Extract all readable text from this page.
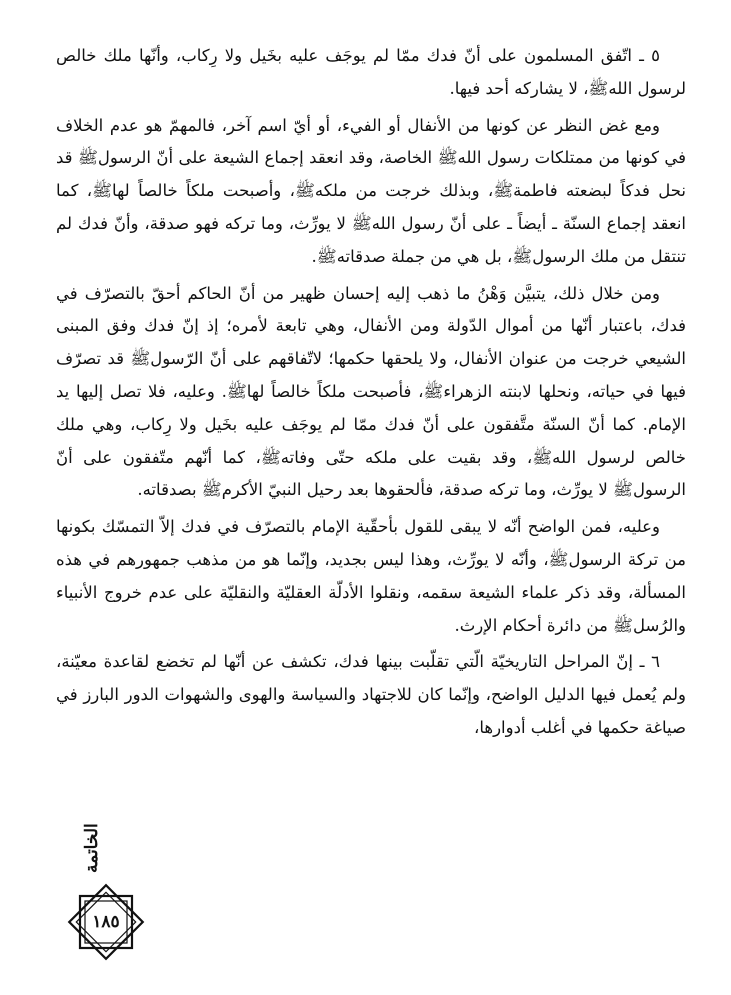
٥ ـ اتّفق المسلمون على أنّ فدك ممّا لم يوجَف عليه بخَيل ولا رِكاب، وأنّها ملك خالص لرسول اللهﷺ، لا يشاركه أحد فيها.

ومع غض النظر عن كونها من الأنفال أو الفيء، أو أيّ اسم آخر، فالمهمّ هو عدم الخلاف في كونها من ممتلكات رسول اللهﷺ الخاصة، وقد انعقد إجماع الشيعة على أنّ الرسولﷺ قد نحل فدكاً لبضعته فاطمةﷺ، وبذلك خرجت من ملكهﷺ، وأصبحت ملكاً خالصاً لهاﷺ، كما انعقد إجماع السنّة ـ أيضاً ـ على أنّ رسول اللهﷺ لا يورِّث، وما تركه فهو صدقة، وأنّ فدك لم تنتقل من ملك الرسولﷺ، بل هي من جملة صدقاتهﷺ.

ومن خلال ذلك، يتبيَّن وَهْنُ ما ذهب إليه إحسان ظهير من أنّ الحاكم أحقّ بالتصرّف في فدك، باعتبار أنّها من أموال الدّولة ومن الأنفال، وهي تابعة لأمره؛ إذ إنّ فدك وفق المبنى الشيعي خرجت من عنوان الأنفال، ولا يلحقها حكمها؛ لاتّفاقهم على أنّ الرّسولﷺ قد تصرّف فيها في حياته، ونحلها لابنته الزهراءﷺ، فأصبحت ملكاً خالصاً لهاﷺ. وعليه، فلا تصل إليها يد الإمام. كما أنّ السنّة متَّفقون على أنّ فدك ممّا لم يوجَف عليه بخَيل ولا رِكاب، وهي ملك خالص لرسول اللهﷺ، وقد بقيت على ملكه حتّى وفاتهﷺ، كما أنّهم متّفقون على أنّ الرسولﷺ لا يورِّث، وما تركه صدقة، فألحقوها بعد رحيل النبيّ الأكرمﷺ بصدقاته.

وعليه، فمن الواضح أنّه لا يبقى للقول بأحقّية الإمام بالتصرّف في فدك إلاّ التمسّك بكونها من تركة الرسولﷺ، وأنّه لا يورِّث، وهذا ليس بجديد، وإنّما هو من مذهب جمهورهم في هذه المسألة، وقد ذكر علماء الشيعة سقمه، ونقلوا الأدلّة العقليّة والنقليّة على عدم خروج الأنبياء والرُسلﷺ من دائرة أحكام الإرث.

٦ ـ إنّ المراحل التاريخيّة الّتي تقلّبت بينها فدك، تكشف عن أنّها لم تخضع لقاعدة معيّنة، ولم يُعمل فيها الدليل الواضح، وإنّما كان للاجتهاد والسياسة والهوى والشهوات الدور البارز في صياغة حكمها في أغلب أدوارها،

الخاتمة
١٨٥
